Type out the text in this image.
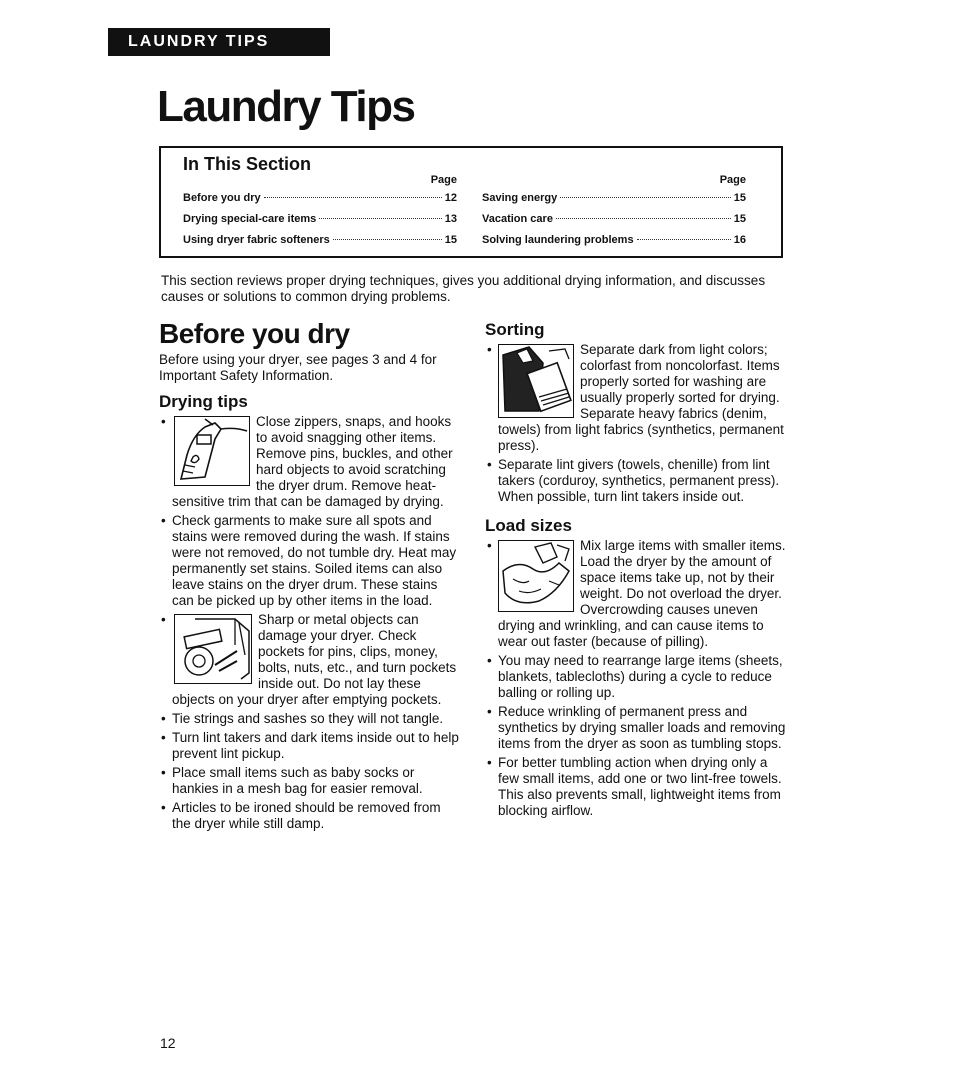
LAUNDRY TIPS
Laundry Tips
In This Section
Page
Before you dry	12
Drying special-care items	13
Using dryer fabric softeners	15
Page
Saving energy	15
Vacation care	15
Solving laundering problems	16

This section reviews proper drying techniques, gives you additional drying information, and discusses causes or solutions to common drying problems.

Before you dry

Before using your dryer, see pages 3 and 4 for Important Safety Information.

Drying tips
• Close zippers, snaps, and hooks to avoid snagging other items. Remove pins, buckles, and other hard objects to avoid scratching the dryer drum. Remove heat-sensitive trim that can be damaged by drying.
• Check garments to make sure all spots and stains were removed during the wash. If stains were not removed, do not tumble dry. Heat may permanently set stains. Soiled items can also leave stains on the dryer drum. These stains can be picked up by other items in the load.
• Sharp or metal objects can damage your dryer. Check pockets for pins, clips, money, bolts, nuts, etc., and turn pockets inside out. Do not lay these objects on your dryer after emptying pockets.
• Tie strings and sashes so they will not tangle.
• Turn lint takers and dark items inside out to help prevent lint pickup.
• Place small items such as baby socks or hankies in a mesh bag for easier removal.
• Articles to be ironed should be removed from the dryer while still damp.
Sorting
• Separate dark from light colors; colorfast from noncolorfast. Items properly sorted for washing are usually properly sorted for drying. Separate heavy fabrics (denim, towels) from light fabrics (synthetics, permanent press).
• Separate lint givers (towels, chenille) from lint takers (corduroy, synthetics, permanent press). When possible, turn lint takers inside out.
Load sizes
• Mix large items with smaller items. Load the dryer by the amount of space items take up, not by their weight. Do not overload the dryer. Overcrowding causes uneven drying and wrinkling, and can cause items to wear out faster (because of pilling).
• You may need to rearrange large items (sheets, blankets, tablecloths) during a cycle to reduce balling or rolling up.
• Reduce wrinkling of permanent press and synthetics by drying smaller loads and removing items from the dryer as soon as tumbling stops.
• For better tumbling action when drying only a few small items, add one or two lint-free towels. This also prevents small, lightweight items from blocking airflow.
12
